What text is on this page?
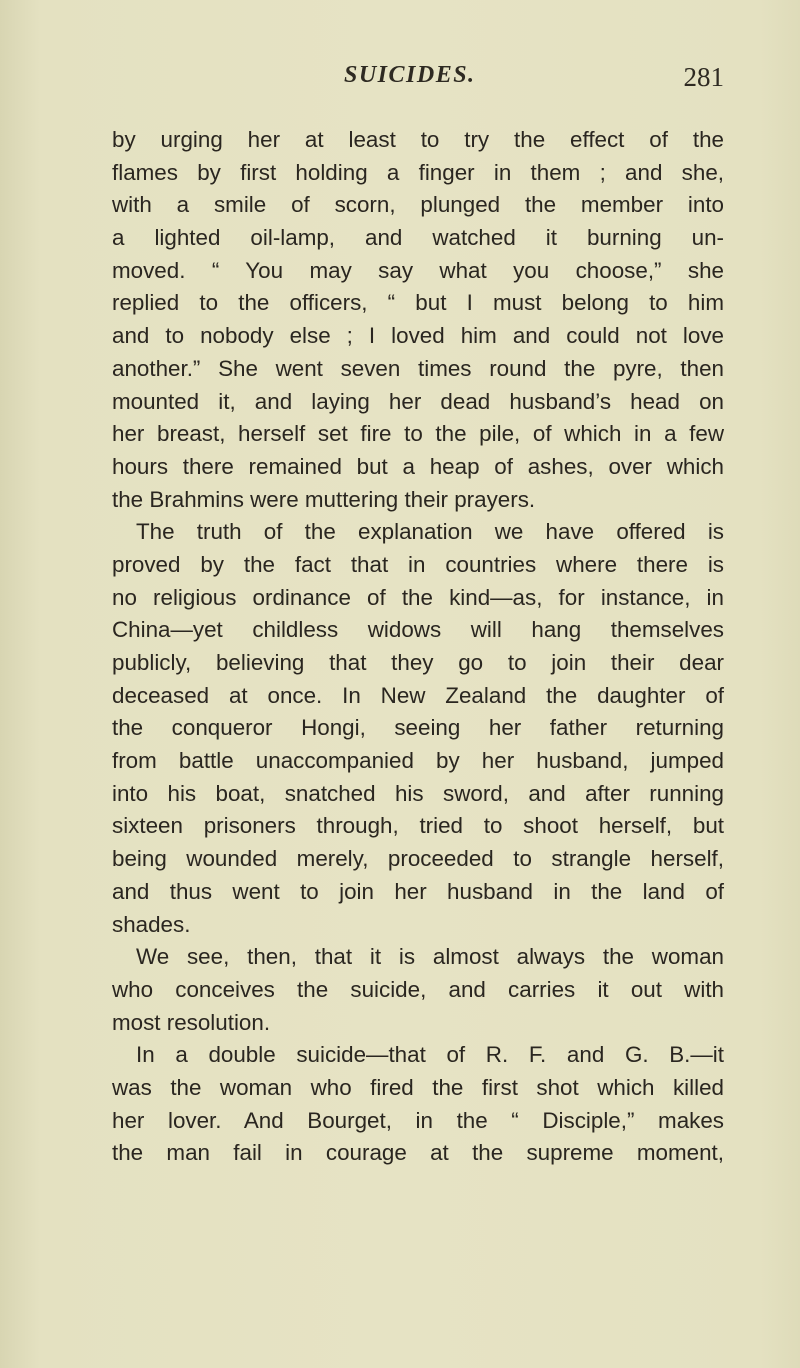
SUICIDES.	281
by urging her at least to try the effect of the
flames by first holding a finger in them ; and she,
with a smile of scorn, plunged the member into
a lighted oil-lamp, and watched it burning un-
moved. “ You may say what you choose,” she
replied to the officers, “ but I must belong to him
and to nobody else ; I loved him and could not love
another.” She went seven times round the pyre, then
mounted it, and laying her dead husband’s head on
her breast, herself set fire to the pile, of which in a few
hours there remained but a heap of ashes, over which
the Brahmins were muttering their prayers.
The truth of the explanation we have offered is
proved by the fact that in countries where there is
no religious ordinance of the kind—as, for instance, in
China—yet childless widows will hang themselves
publicly, believing that they go to join their dear
deceased at once. In New Zealand the daughter of
the conqueror Hongi, seeing her father returning
from battle unaccompanied by her husband, jumped
into his boat, snatched his sword, and after running
sixteen prisoners through, tried to shoot herself, but
being wounded merely, proceeded to strangle herself,
and thus went to join her husband in the land of
shades.
We see, then, that it is almost always the woman
who conceives the suicide, and carries it out with
most resolution.
In a double suicide—that of R. F. and G. B.—it
was the woman who fired the first shot which killed
her lover. And Bourget, in the “ Disciple,” makes
the man fail in courage at the supreme moment,
